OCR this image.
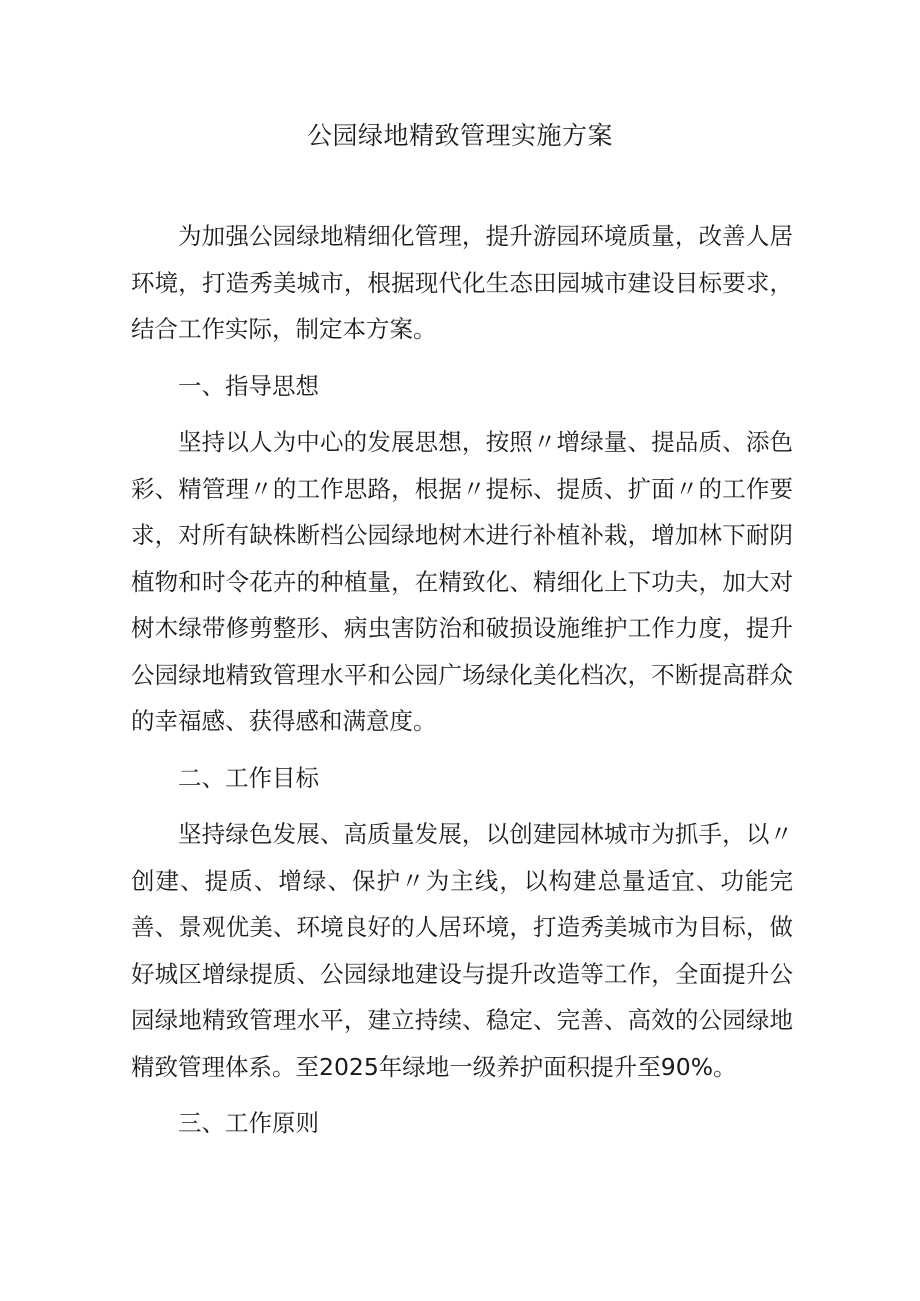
公园绿地精致管理实施方案

为加强公园绿地精细化管理，提升游园环境质量，改善人居环境，打造秀美城市，根据现代化生态田园城市建设目标要求，结合工作实际，制定本方案。

一、指导思想

坚持以人为中心的发展思想，按照〃增绿量、提品质、添色彩、精管理〃的工作思路，根据〃提标、提质、扩面〃的工作要求，对所有缺株断档公园绿地树木进行补植补栽，增加林下耐阴植物和时令花卉的种植量，在精致化、精细化上下功夫，加大对树木绿带修剪整形、病虫害防治和破损设施维护工作力度，提升公园绿地精致管理水平和公园广场绿化美化档次，不断提高群众的幸福感、获得感和满意度。

二、工作目标

坚持绿色发展、高质量发展，以创建园林城市为抓手，以〃创建、提质、增绿、保护〃为主线，以构建总量适宜、功能完善、景观优美、环境良好的人居环境，打造秀美城市为目标，做好城区增绿提质、公园绿地建设与提升改造等工作，全面提升公园绿地精致管理水平，建立持续、稳定、完善、高效的公园绿地精致管理体系。至2025年绿地一级养护面积提升至90%。

三、工作原则
